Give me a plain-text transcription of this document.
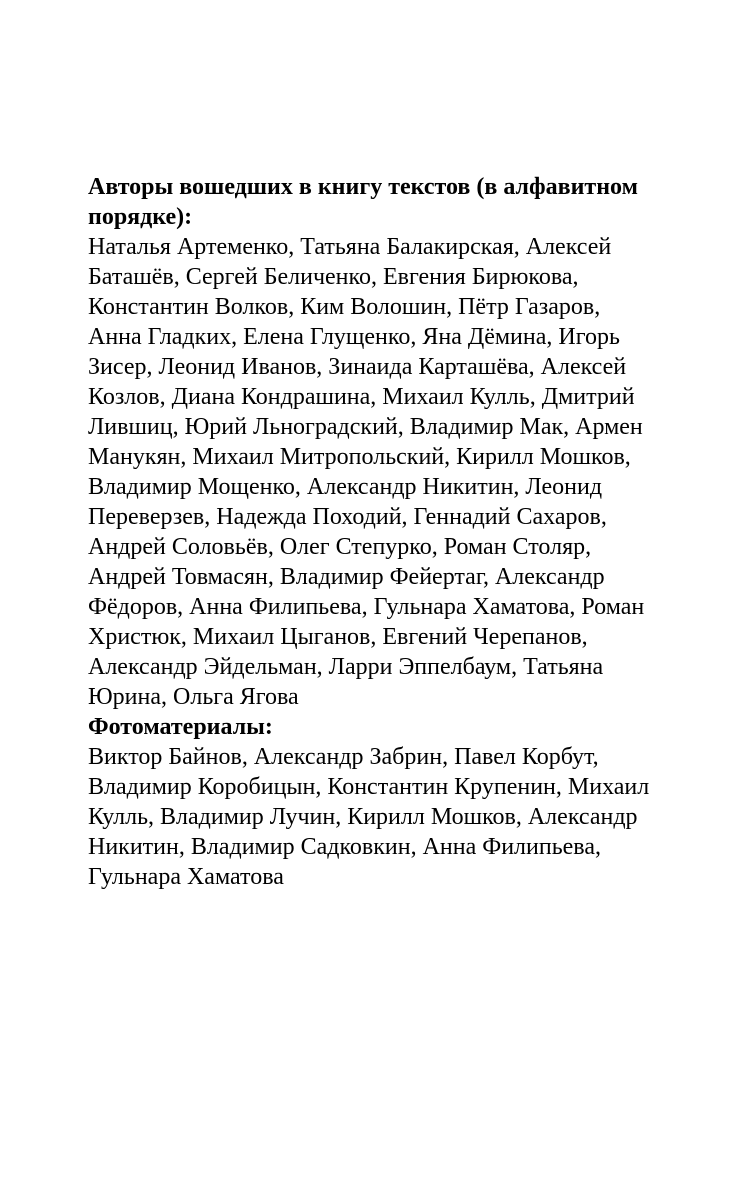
Авторы вошедших в книгу текстов (в алфавитном
порядке):

Наталья Артеменко, Татьяна Балакирская, Алексей
Баташёв, Сергей Беличенко, Евгения Бирюкова,
Константин Волков, Ким Волошин, Пётр Газаров,
Анна Гладких, Елена Глущенко, Яна Дёмина, Игорь
Зисер, Леонид Иванов, Зинаида Карташёва, Алексей
Козлов, Диана Кондрашина, Михаил Кулль, Дмитрий
Лившиц, Юрий Льноградский, Владимир Мак, Армен
Манукян, Михаил Митропольский, Кирилл Мошков,
Владимир Мощенко, Александр Никитин, Леонид
Переверзев, Надежда Походий, Геннадий Сахаров,
Андрей Соловьёв, Олег Степурко, Роман Столяр,
Андрей Товмасян, Владимир Фейертаг, Александр
Фёдоров, Анна Филипьева, Гульнара Хаматова, Роман
Христюк, Михаил Цыганов, Евгений Черепанов,
Александр Эйдельман, Ларри Эппелбаум, Татьяна
Юрина, Ольга Ягова

Фотоматериалы:

Виктор Байнов, Александр Забрин, Павел Корбут,
Владимир Коробицын, Константин Крупенин, Михаил
Кулль, Владимир Лучин, Кирилл Мошков, Александр
Никитин, Владимир Садковкин, Анна Филипьева,
Гульнара Хаматова
